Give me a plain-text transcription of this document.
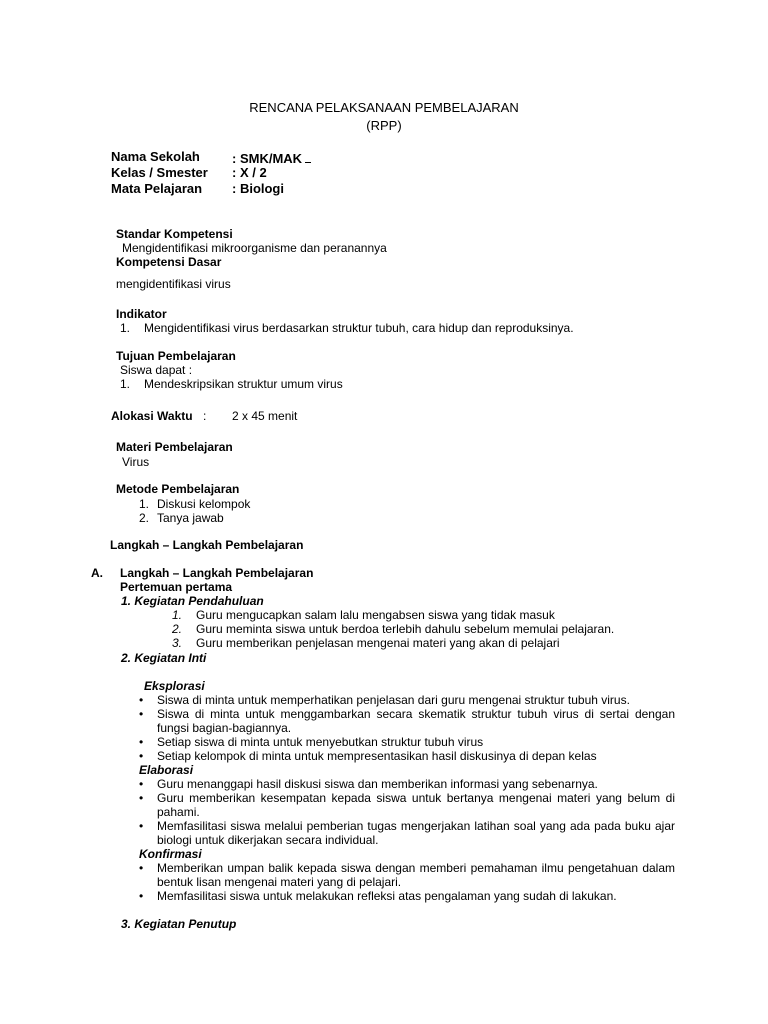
RENCANA PELAKSANAAN PEMBELAJARAN
(RPP)
Nama Sekolah : SMK/MAK
Kelas / Smester : X / 2
Mata Pelajaran : Biologi
Standar Kompetensi
Mengidentifikasi mikroorganisme dan peranannya
Kompetensi Dasar
mengidentifikasi virus
Indikator
1. Mengidentifikasi virus berdasarkan struktur tubuh, cara hidup dan reproduksinya.
Tujuan Pembelajaran
Siswa dapat :
1. Mendeskripsikan struktur umum virus
Alokasi Waktu : 2 x 45 menit
Materi Pembelajaran
Virus
Metode Pembelajaran
1. Diskusi kelompok
2. Tanya jawab
Langkah – Langkah Pembelajaran
A. Langkah – Langkah Pembelajaran
Pertemuan pertama
1. Kegiatan Pendahuluan
1. Guru mengucapkan salam lalu mengabsen siswa yang tidak masuk
2. Guru meminta siswa untuk berdoa terlebih dahulu sebelum memulai pelajaran.
3. Guru memberikan penjelasan mengenai materi yang akan di pelajari
2. Kegiatan Inti
Eksplorasi
• Siswa di minta untuk memperhatikan penjelasan dari guru mengenai struktur tubuh virus.
• Siswa di minta untuk menggambarkan secara skematik struktur tubuh virus di sertai dengan fungsi bagian-bagiannya.
• Setiap siswa di minta untuk menyebutkan struktur tubuh virus
• Setiap kelompok di minta untuk mempresentasikan hasil diskusinya di depan kelas
Elaborasi
• Guru menanggapi hasil diskusi siswa dan memberikan informasi yang sebenarnya.
• Guru memberikan kesempatan kepada siswa untuk bertanya mengenai materi yang belum di pahami.
• Memfasilitasi siswa melalui pemberian tugas mengerjakan latihan soal yang ada pada buku ajar biologi untuk dikerjakan secara individual.
Konfirmasi
• Memberikan umpan balik kepada siswa dengan memberi pemahaman ilmu pengetahuan dalam bentuk lisan mengenai materi yang di pelajari.
• Memfasilitasi siswa untuk melakukan refleksi atas pengalaman yang sudah di lakukan.
3. Kegiatan Penutup
